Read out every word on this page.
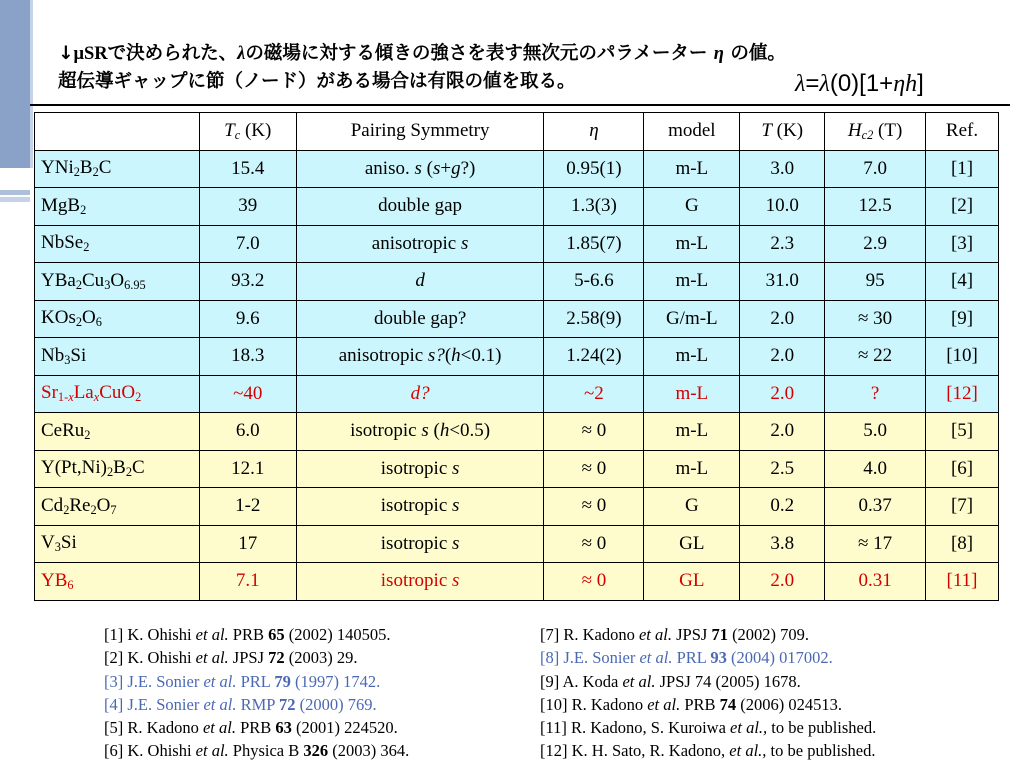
↓μSRで決められた、λの磁場に対する傾きの強さを表す無次元のパラメーター η の値。
超伝導ギャップに節（ノード）がある場合は有限の値を取る。	λ=λ(0)[1+ηh]
	$T_c$ (K)	Pairing Symmetry	η	model	T (K)	$H_{c2}$ (T)	Ref.
$YNi_2B_2C$	15.4	aniso. s (s+g?)	0.95(1)	m-L	3.0	7.0	[1]
MgB$_2$	39	double gap	1.3(3)	G	10.0	12.5	[2]
NbSe$_2$	7.0	anisotropic s	1.85(7)	m-L	2.3	2.9	[3]
$YBa_2Cu_3O_{6.95}$	93.2	d	5-6.6	m-L	31.0	95	[4]
$KOs_2O_6$	9.6	double gap?	2.58(9)	G/m-L	2.0	≈ 30	[9]
$Nb_3Si$	18.3	anisotropic s?(h<0.1)	1.24(2)	m-L	2.0	≈ 22	[10]
$Sr_{1-x}La_xCuO_2$	~40	d?	~2	m-L	2.0	?	[12]
CeRu$_2$	6.0	isotropic s (h<0.5)	≈ 0	m-L	2.0	5.0	[5]
$Y(Pt,Ni)_2B_2C$	12.1	isotropic s	≈ 0	m-L	2.5	4.0	[6]
$Cd_2Re_2O_7$	1-2	isotropic s	≈ 0	G	0.2	0.37	[7]
$V_3Si$	17	isotropic s	≈ 0	GL	3.8	≈ 17	[8]
$YB_6$	7.1	isotropic s	≈ 0	GL	2.0	0.31	[11]
[1] K. Ohishi et al. PRB 65 (2002) 140505.
[2] K. Ohishi et al. JPSJ 72 (2003) 29.
[3] J.E. Sonier et al. PRL 79 (1997) 1742.
[4] J.E. Sonier et al. RMP 72 (2000) 769.
[5] R. Kadono et al. PRB 63 (2001) 224520.
[6] K. Ohishi et al. Physica B 326 (2003) 364.
[7] R. Kadono et al. JPSJ 71 (2002) 709.
[8] J.E. Sonier et al. PRL 93 (2004) 017002.
[9] A. Koda et al. JPSJ 74 (2005) 1678.
[10] R. Kadono et al. PRB 74 (2006) 024513.
[11] R. Kadono, S. Kuroiwa et al., to be published.
[12] K. H. Sato, R. Kadono, et al., to be published.
